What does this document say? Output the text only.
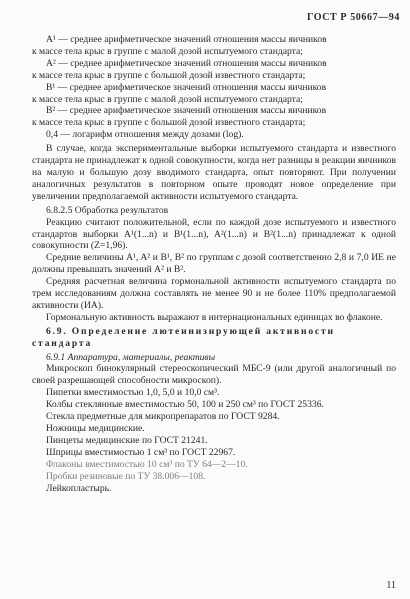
ГОСТ Р 50667—94

A¹ — среднее арифметическое значений отношения массы яичников

к массе тела крыс в группе с малой дозой испытуемого стандарта;

A² — среднее арифметическое значений отношения массы яичников

к массе тела крыс в группе с большой дозой известного стандарта;

B¹ — среднее арифметическое значений отношения массы яичников

к массе тела крыс в группе с малой дозой испытуемого стандарта;

B² — среднее арифметическое значений отношения массы яичников

к массе тела крыс в группе с большой дозой известного стандарта;

0,4 — логарифм отношения между дозами (log).

В случае, когда экспериментальные выборки испытуемого стандарта и известного стандарта не принадлежат к одной совокупности, когда нет разницы в реакции яичников на малую и большую дозу вводимого стандарта, опыт повторяют. При получении аналогичных результатов в повторном опыте проводят новое определение при увеличении предполагаемой активности испытуемого стандарта.

6.8.2.5 Обработка результатов

Реакцию считают положительной, если по каждой дозе испытуемого и известного стандартов выборки A¹(1...n) и B¹(1...n), A²(1...n) и B²(1...n) принадлежат к одной совокупности (Z=1,96).

Средние величины A¹, A² и B¹, B² по группам с дозой соответственно 2,8 и 7,0 ИЕ не должны превышать значений A² и B².

Средняя расчетная величина гормональной активности испытуемого стандарта по трем исследованиям должна составлять не менее 90 и не более 110% предполагаемой активности (ИА).

Гормональную активность выражают в интернациональных единицах во флаконе.

6.9. Определение лютеинизирующей активности

стандарта

6.9.1 Аппаратура, материалы, реактивы

Микроскоп бинокулярный стереоскопический МБС-9 (или другой аналогичный по своей разрешающей способности микроскоп).

Пипетки вместимостью 1,0, 5,0 и 10,0 см³.

Колбы стеклянные вместимостью 50, 100 и 250 см³ по ГОСТ 25336.

Стекла предметные для микропрепаратов по ГОСТ 9284.

Ножницы медицинские.

Пинцеты медицинские по ГОСТ 21241.

Шприцы вместимостью 1 см³ по ГОСТ 22967.

Флаконы вместимостью 10 см³ по ТУ 64—2—10.

Пробки резиновые по ТУ 38.006—108.

Лейкопластырь.

11
